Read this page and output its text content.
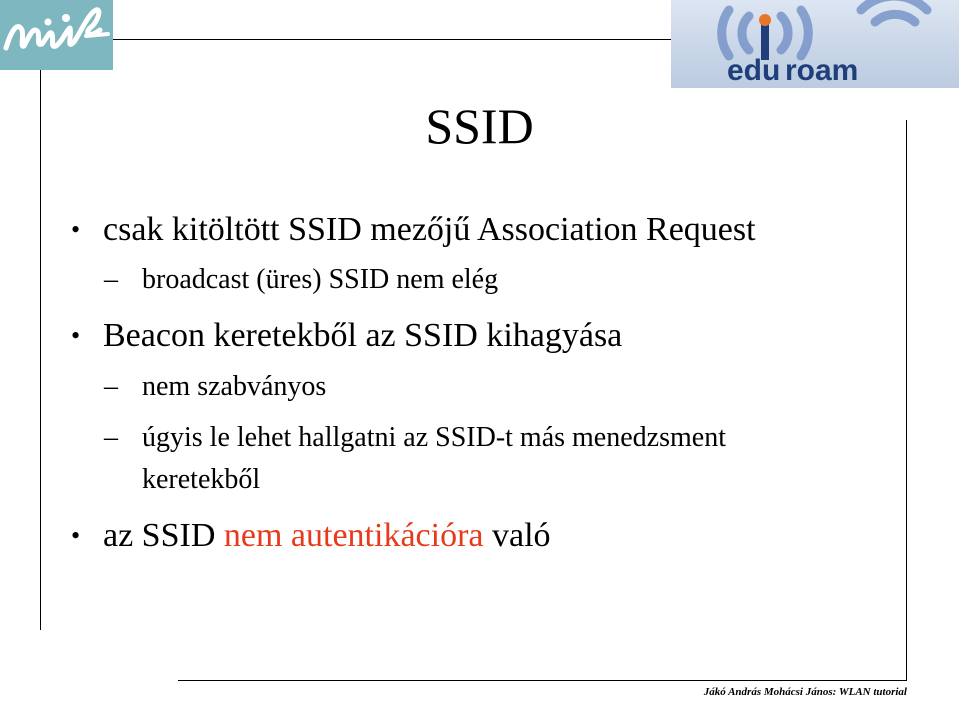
edu roam
SSID
• csak kitöltött SSID mezőjű Association Request
– broadcast (üres) SSID nem elég
• Beacon keretekből az SSID kihagyása
– nem szabványos
– úgyis le lehet hallgatni az SSID-t más menedzsment
keretekből
• az SSID nem autentikációra való
Jákó András Mohácsi János: WLAN tutorial
